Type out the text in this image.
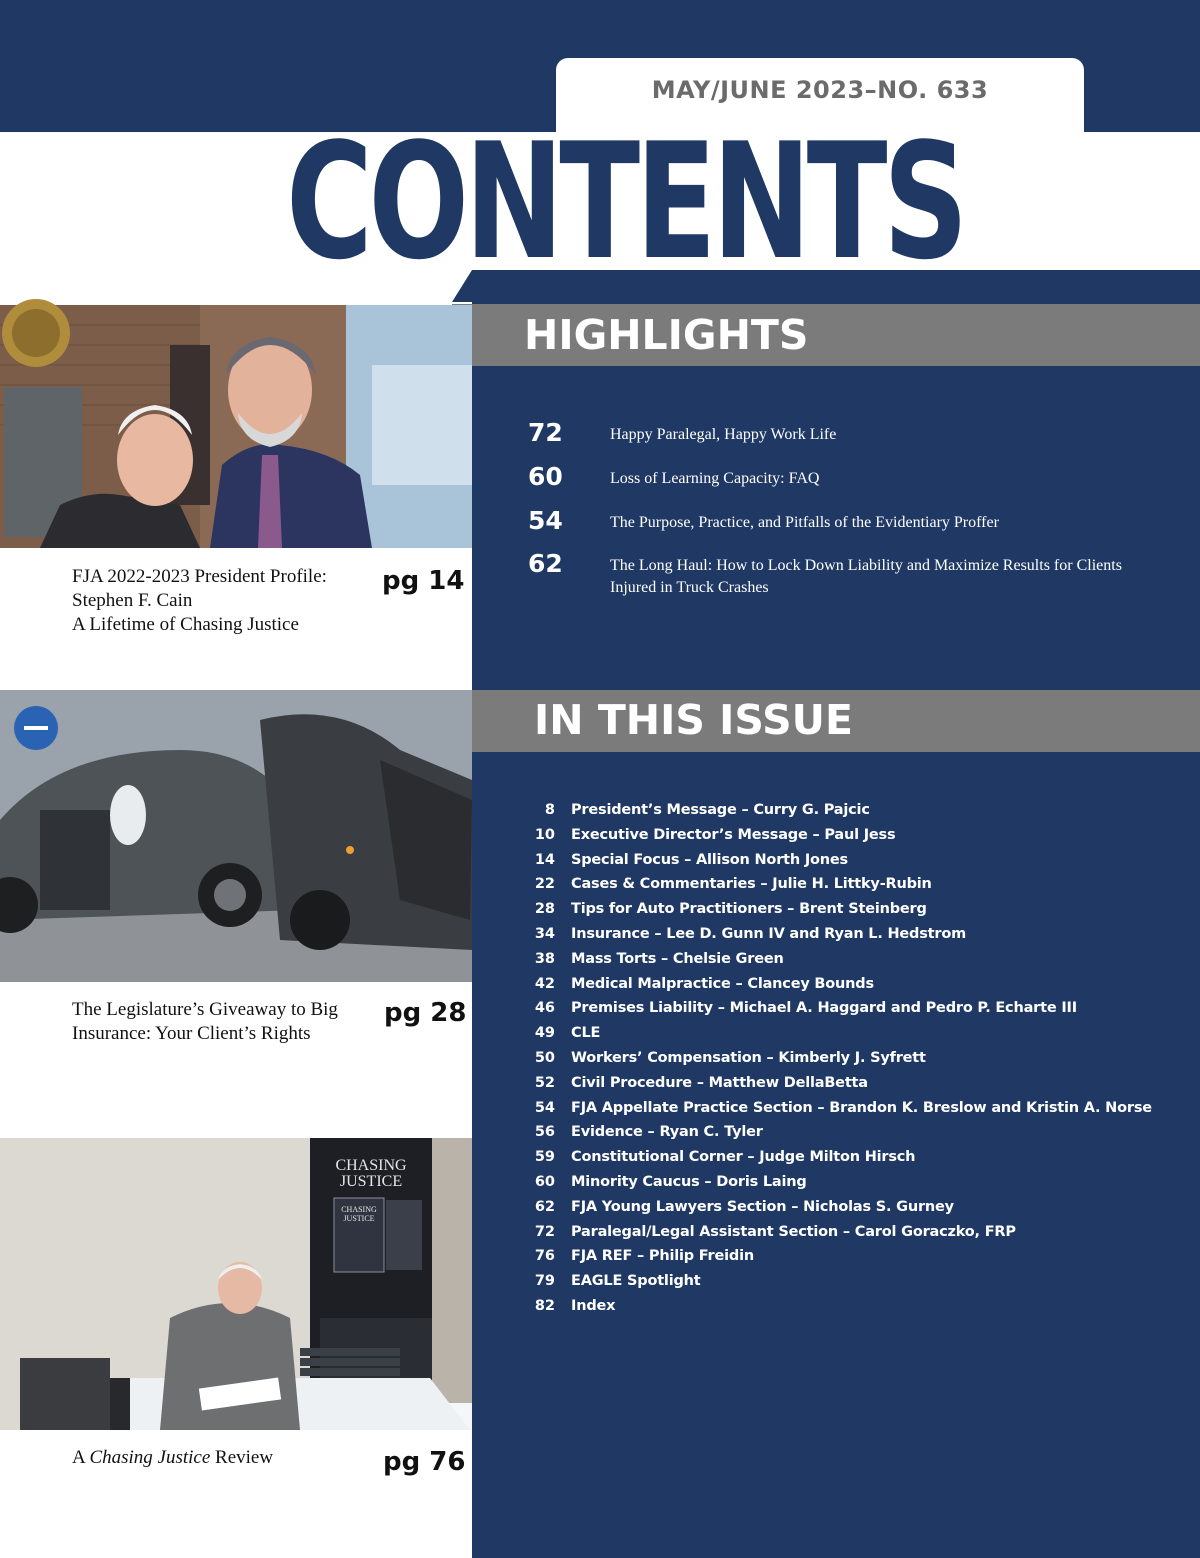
MAY/JUNE 2023–NO. 633
CONTENTS
HIGHLIGHTS
72	Happy Paralegal, Happy Work Life
60	Loss of Learning Capacity: FAQ
54	The Purpose, Practice, and Pitfalls of the Evidentiary Proffer
62	The Long Haul: How to Lock Down Liability and Maximize Results for Clients Injured in Truck Crashes
IN THIS ISSUE
8 President’s Message – Curry G. Pajcic
10 Executive Director’s Message – Paul Jess
14 Special Focus – Allison North Jones
22 Cases & Commentaries – Julie H. Littky-Rubin
28 Tips for Auto Practitioners – Brent Steinberg
34 Insurance – Lee D. Gunn IV and Ryan L. Hedstrom
38 Mass Torts – Chelsie Green
42 Medical Malpractice – Clancey Bounds
46 Premises Liability – Michael A. Haggard and Pedro P. Echarte III
49 CLE
50 Workers’ Compensation – Kimberly J. Syfrett
52 Civil Procedure – Matthew DellaBetta
54 FJA Appellate Practice Section – Brandon K. Breslow and Kristin A. Norse
56 Evidence – Ryan C. Tyler
59 Constitutional Corner – Judge Milton Hirsch
60 Minority Caucus – Doris Laing
62 FJA Young Lawyers Section – Nicholas S. Gurney
72 Paralegal/Legal Assistant Section – Carol Goraczko, FRP
76 FJA REF – Philip Freidin
79 EAGLE Spotlight
82 Index
FJA 2022-2023 President Profile:
Stephen F. Cain
A Lifetime of Chasing Justice
pg 14
The Legislature’s Giveaway to Big
Insurance: Your Client’s Rights
pg 28
CHASING
JUSTICE
CHASING
JUSTICE
A Chasing Justice Review	pg 76
